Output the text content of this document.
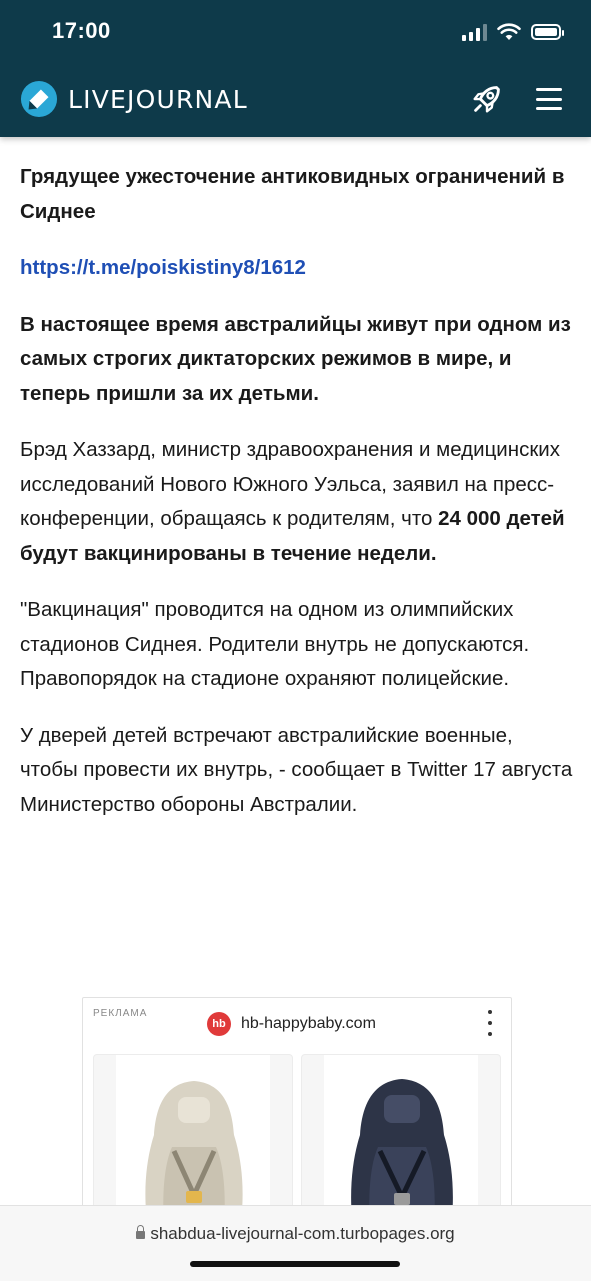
17:00
LIVEJOURNAL

Грядущее ужесточение антиковидных ограничений в Сиднее

https://t.me/poiskistiny8/1612

В настоящее время австралийцы живут при одном из самых строгих диктаторских режимов в мире, и теперь пришли за их детьми.

Брэд Хаззард, министр здравоохранения и медицинских исследований Нового Южного Уэльса, заявил на пресс-конференции, обращаясь к родителям, что 24 000 детей будут вакцинированы в течение недели.

"Вакцинация" проводится на одном из олимпийских стадионов Сиднея. Родители внутрь не допускаются. Правопорядок на стадионе охраняют полицейские.

У дверей детей встречают австралийские военные, чтобы провести их внутрь, - сообщает в Twitter 17 августа Министерство обороны Австралии.

РЕКЛАМА
hb hb-happybaby.com
shabdua-livejournal-com.turbopages.org
